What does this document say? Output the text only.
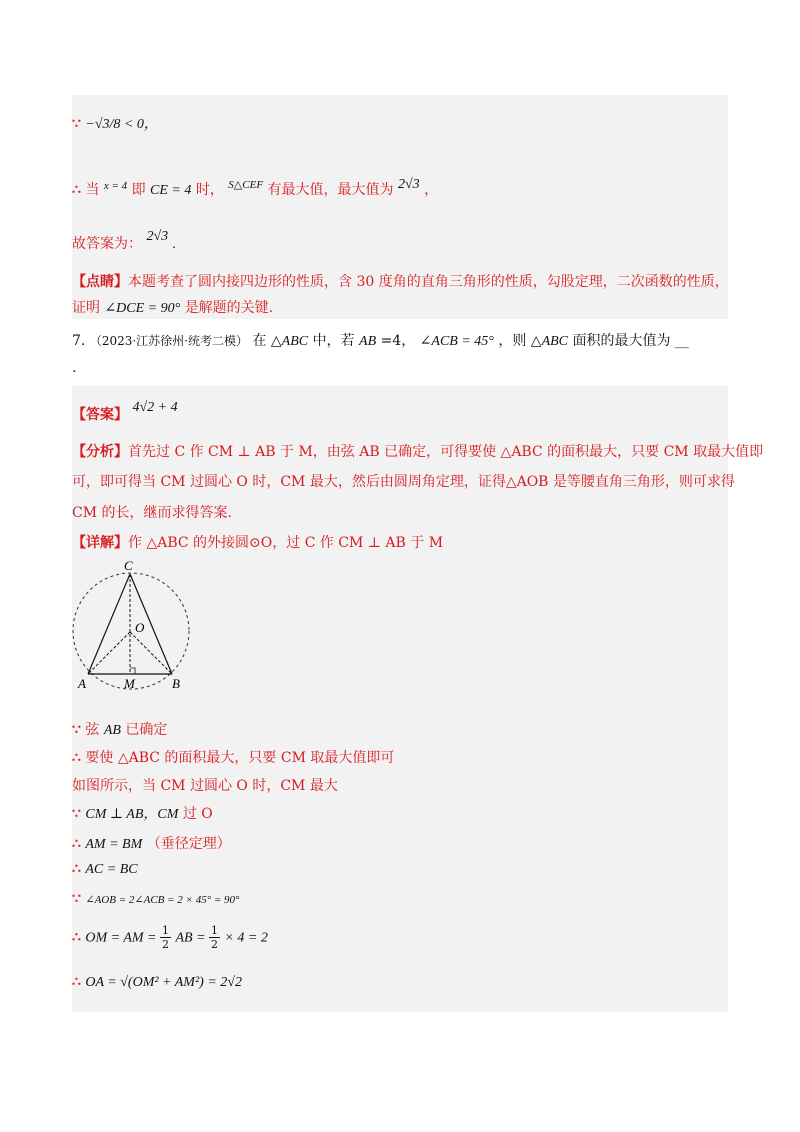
∵ −√3/8 < 0，
∴ 当 $^{x = 4}$ 即 CE = 4 时， $^{S\triangle CEF}$ 有最大值，最大值为 2√3 ，
故答案为： 2√3 .
【点睛】本题考查了圆内接四边形的性质，含 30 度角的直角三角形的性质，勾股定理，二次函数的性质，
证明 ∠DCE = 90° 是解题的关键.
7. （2023·江苏徐州·统考二模） 在 △ABC 中，若 AB =4， ∠ACB = 45° ，则 △ABC 面积的最大值为 __
.
【答案】 4√2 + 4
【分析】首先过 C 作 CM ⊥ AB 于 M，由弦 AB 已确定，可得要使 △ABC 的面积最大，只要 CM 取最大值即
可，即可得当 CM 过圆心 O 时，CM 最大，然后由圆周角定理，证得△AOB 是等腰直角三角形，则可求得
CM 的长，继而求得答案.
【详解】作 △ABC 的外接圆⊙O，过 C 作 CM ⊥ AB 于 M
C
O
A	M	B
∵ 弦 AB 已确定
∴ 要使 △ABC 的面积最大，只要 CM 取最大值即可
如图所示，当 CM 过圆心 O 时，CM 最大
∵ CM ⊥ AB，CM 过 O
∴ AM = BM （垂径定理）
∴ AC = BC
∵ ∠AOB = 2∠ACB = 2 × 45° = 90°
∴ OM = AM = $\frac{1}{2}$ AB = $\frac{1}{2} \times 4 = 2$
∴ OA = √(OM² + AM²) = 2√2
